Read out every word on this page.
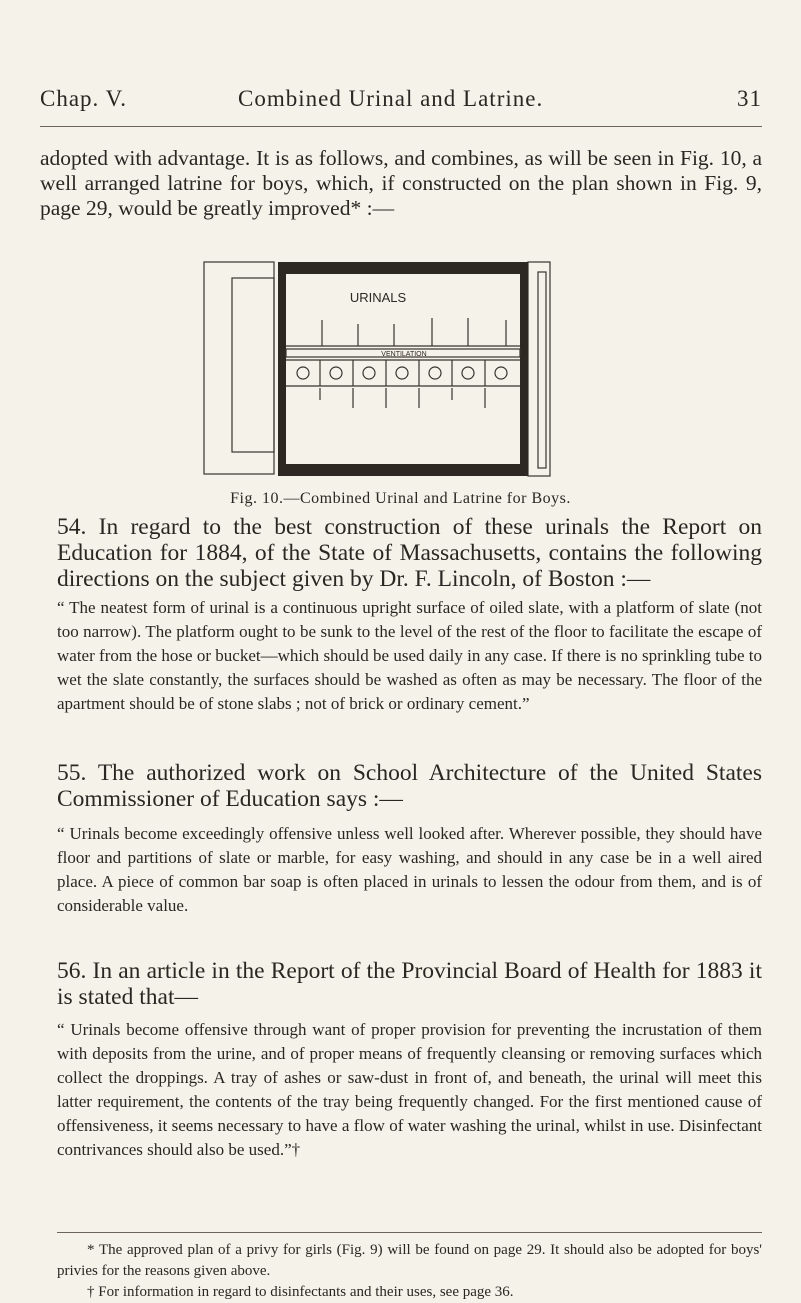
Chap. V.	Combined Urinal and Latrine.	31
adopted with advantage. It is as follows, and combines, as will be seen in Fig. 10, a well arranged latrine for boys, which, if constructed on the plan shown in Fig. 9, page 29, would be greatly improved* :—
URINALS
VENTILATION
Fig. 10.—Combined Urinal and Latrine for Boys.
54. In regard to the best construction of these urinals the Report on Education for 1884, of the State of Massachusetts, contains the following directions on the subject given by Dr. F. Lincoln, of Boston :—
“ The neatest form of urinal is a continuous upright surface of oiled slate, with a platform of slate (not too narrow). The platform ought to be sunk to the level of the rest of the floor to facilitate the escape of water from the hose or bucket—which should be used daily in any case. If there is no sprinkling tube to wet the slate constantly, the surfaces should be washed as often as may be necessary. The floor of the apartment should be of stone slabs ; not of brick or ordinary cement.”
55. The authorized work on School Architecture of the United States Commissioner of Education says :—
“ Urinals become exceedingly offensive unless well looked after. Wherever possible, they should have floor and partitions of slate or marble, for easy washing, and should in any case be in a well aired place. A piece of common bar soap is often placed in urinals to lessen the odour from them, and is of considerable value.
56. In an article in the Report of the Provincial Board of Health for 1883 it is stated that—
“ Urinals become offensive through want of proper provision for preventing the incrustation of them with deposits from the urine, and of proper means of frequently cleansing or removing surfaces which collect the droppings. A tray of ashes or saw-dust in front of, and beneath, the urinal will meet this latter requirement, the contents of the tray being frequently changed. For the first mentioned cause of offensiveness, it seems necessary to have a flow of water washing the urinal, whilst in use. Disinfectant contrivances should also be used.”†

* The approved plan of a privy for girls (Fig. 9) will be found on page 29. It should also be adopted for boys' privies for the reasons given above.

† For information in regard to disinfectants and their uses, see page 36.
